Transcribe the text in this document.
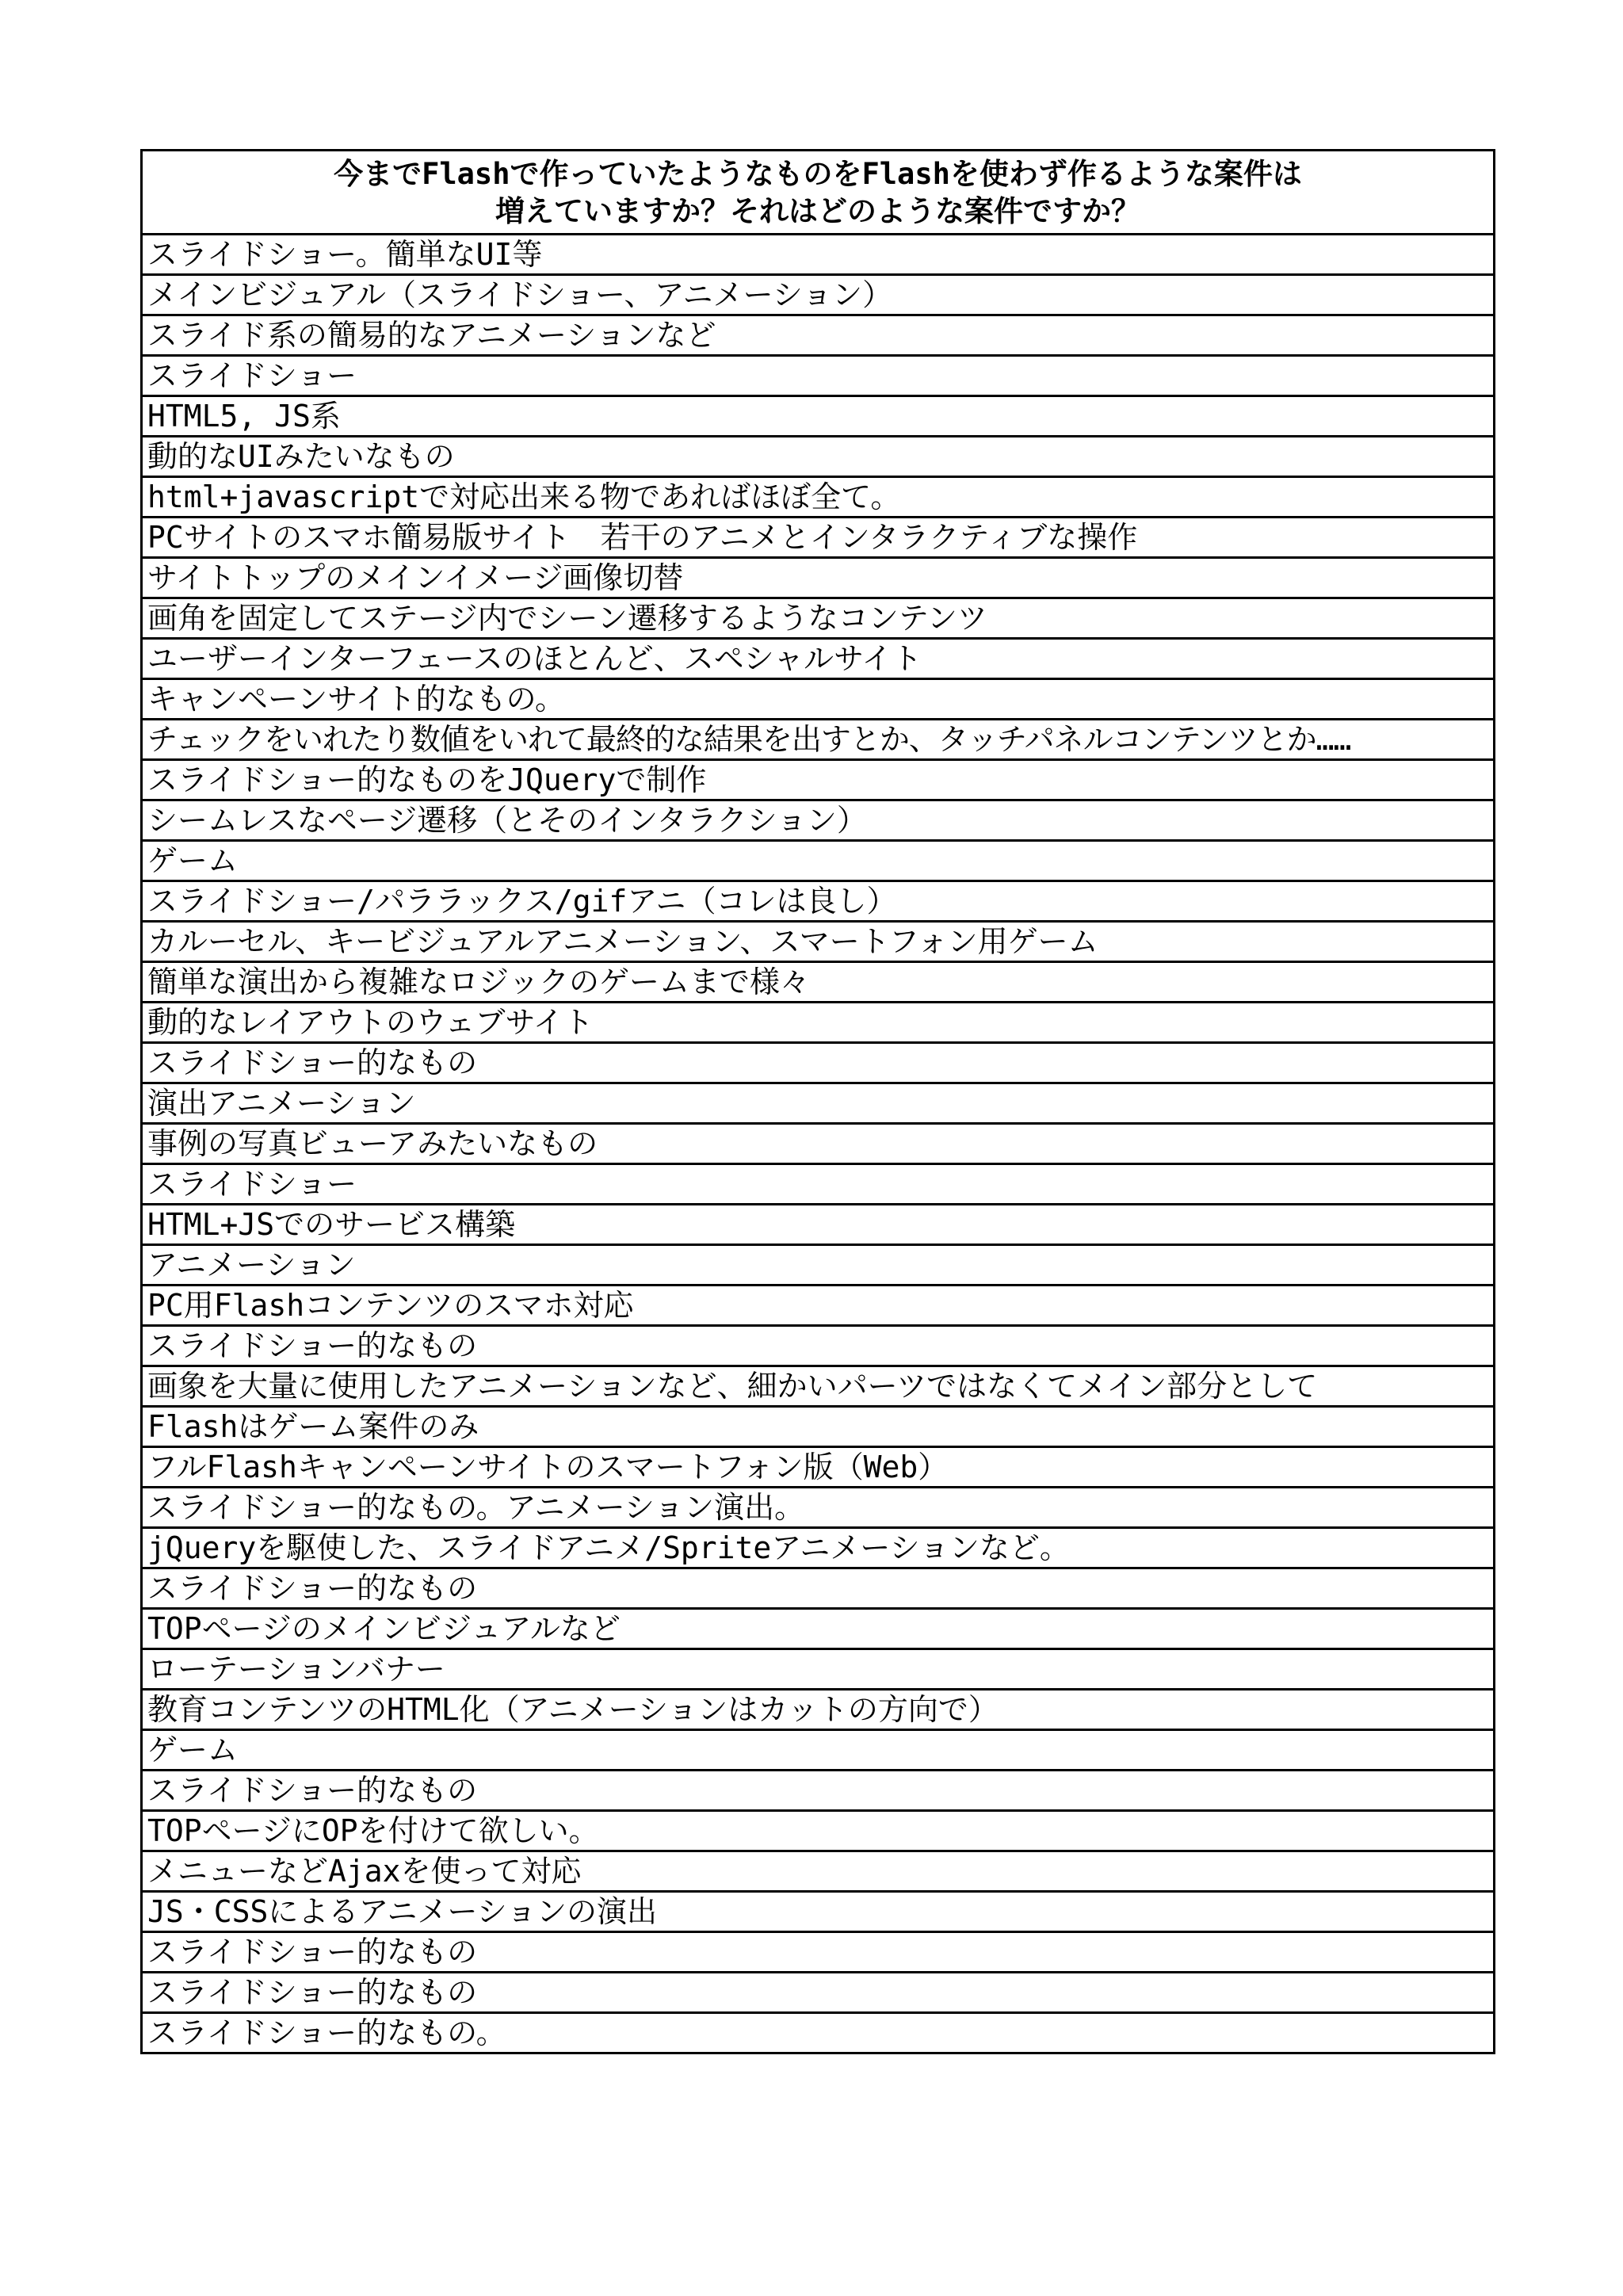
今までFlashで作っていたようなものをFlashを使わず作るような案件は
増えていますか？それはどのような案件ですか？

スライドショー。簡単なUI等
メインビジュアル（スライドショー、アニメーション）
スライド系の簡易的なアニメーションなど
スライドショー
HTML5, JS系
動的なUIみたいなもの
html+javascriptで対応出来る物であればほぼ全て。
PCサイトのスマホ簡易版サイト　若干のアニメとインタラクティブな操作
サイトトップのメインイメージ画像切替
画角を固定してステージ内でシーン遷移するようなコンテンツ
ユーザーインターフェースのほとんど、スペシャルサイト
キャンペーンサイト的なもの。
チェックをいれたり数値をいれて最終的な結果を出すとか、タッチパネルコンテンツとか……
スライドショー的なものをJQueryで制作
シームレスなページ遷移（とそのインタラクション）
ゲーム
スライドショー/パララックス/gifアニ（コレは良し）
カルーセル、キービジュアルアニメーション、スマートフォン用ゲーム
簡単な演出から複雑なロジックのゲームまで様々
動的なレイアウトのウェブサイト
スライドショー的なもの
演出アニメーション
事例の写真ビューアみたいなもの
スライドショー
HTML+JSでのサービス構築
アニメーション
PC用Flashコンテンツのスマホ対応
スライドショー的なもの
画象を大量に使用したアニメーションなど、細かいパーツではなくてメイン部分として
Flashはゲーム案件のみ
フルFlashキャンペーンサイトのスマートフォン版（Web）
スライドショー的なもの。アニメーション演出。
jQueryを駆使した、スライドアニメ/Spriteアニメーションなど。
スライドショー的なもの
TOPページのメインビジュアルなど
ローテーションバナー
教育コンテンツのHTML化（アニメーションはカットの方向で）
ゲーム
スライドショー的なもの
TOPページにOPを付けて欲しい。
メニューなどAjaxを使って対応
JS・CSSによるアニメーションの演出
スライドショー的なもの
スライドショー的なもの
スライドショー的なもの。
